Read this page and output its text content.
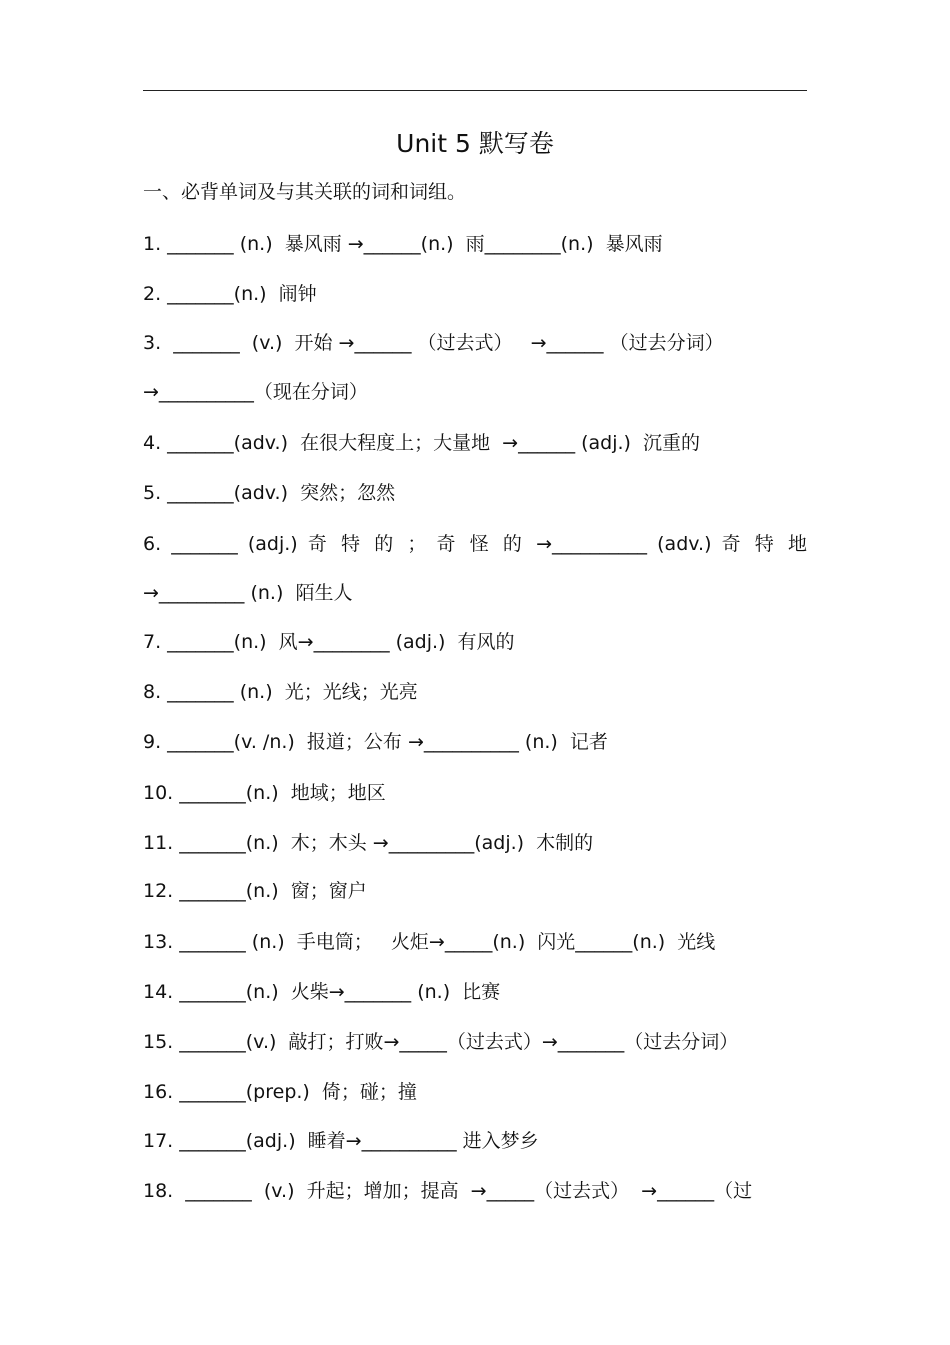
Unit 5 默写卷
一、必背单词及与其关联的词和词组。
1. _______ (n.)  暴风雨 →______(n.)  雨________(n.)  暴风雨
2. _______(n.)  闹钟
3.  _______  (v.)  开始 →______ （过去式）   →______ （过去分词）
→__________（现在分词）
4. _______(adv.)  在很大程度上；大量地  →______ (adj.)  沉重的
5. _______(adv.)  突然；忽然
6. _______ (adj.) 奇 特 的 ； 奇 怪 的 →__________ (adv.) 奇 特 地
→_________ (n.)  陌生人
7. _______(n.)  风→________ (adj.)  有风的
8. _______ (n.)  光；光线；光亮
9. _______(v. /n.)  报道；公布 →__________ (n.)  记者
10. _______(n.)  地域；地区
11. _______(n.)  木；木头 →_________(adj.)  木制的
12. _______(n.)  窗；窗户
13. _______ (n.)  手电筒；   火炬→_____(n.)  闪光______(n.)  光线
14. _______(n.)  火柴→_______ (n.)  比赛
15. _______(v.)  敲打；打败→_____（过去式）→_______（过去分词）
16. _______(prep.)  倚；碰；撞
17. _______(adj.)  睡着→__________ 进入梦乡
18.  _______  (v.)  升起；增加；提高  →_____（过去式）  →______（过
